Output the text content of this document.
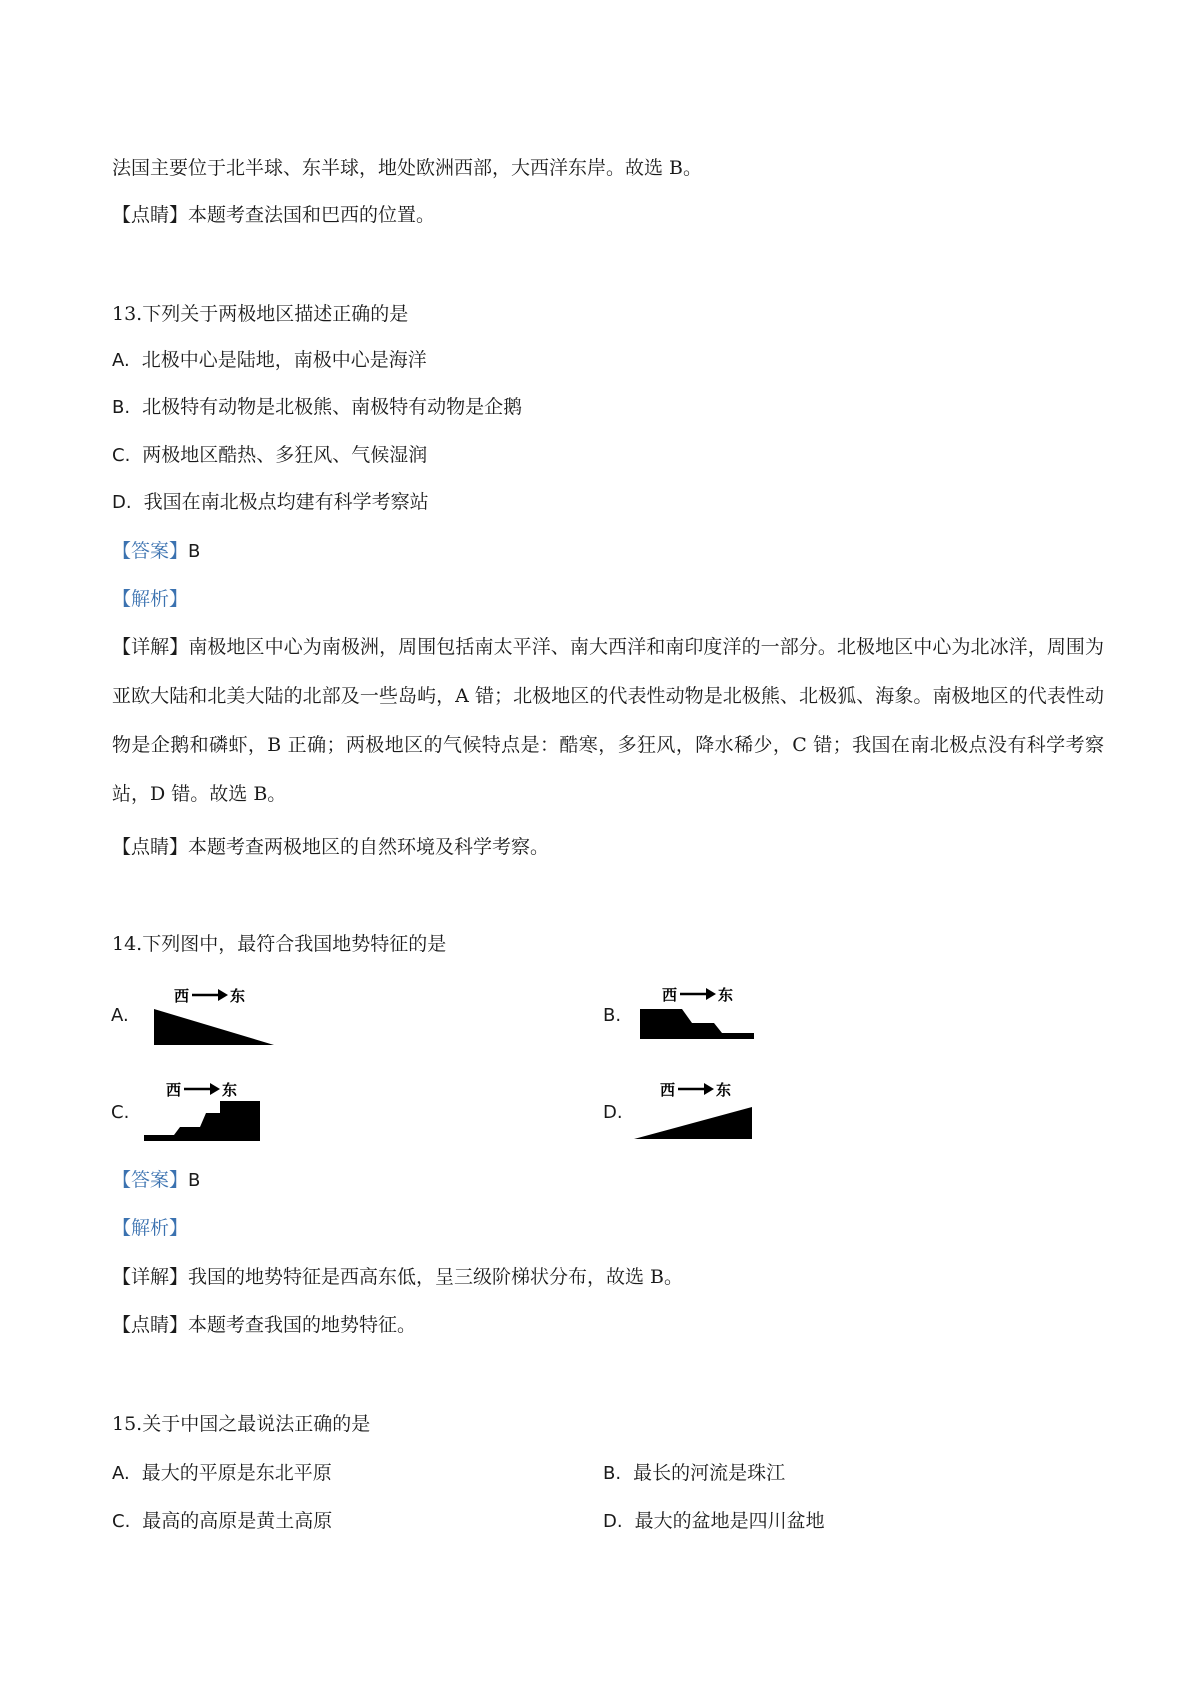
法国主要位于北半球、东半球，地处欧洲西部，大西洋东岸。故选 B。
【点睛】本题考查法国和巴西的位置。
13.下列关于两极地区描述正确的是
A. 北极中心是陆地，南极中心是海洋
B. 北极特有动物是北极熊、南极特有动物是企鹅
C. 两极地区酷热、多狂风、气候湿润
D. 我国在南北极点均建有科学考察站
【答案】B
【解析】
【详解】南极地区中心为南极洲，周围包括南太平洋、南大西洋和南印度洋的一部分。北极地区中心为北冰洋，周围为亚欧大陆和北美大陆的北部及一些岛屿，A 错；北极地区的代表性动物是北极熊、北极狐、海象。南极地区的代表性动物是企鹅和磷虾，B 正确；两极地区的气候特点是：酷寒，多狂风，降水稀少，C 错；我国在南北极点没有科学考察站，D 错。故选 B。
【点睛】本题考查两极地区的自然环境及科学考察。
14.下列图中，最符合我国地势特征的是
A.
西	东
B.
西	东
C.
西	东
D.
西	东
【答案】B
【解析】
【详解】我国的地势特征是西高东低，呈三级阶梯状分布，故选 B。
【点睛】本题考查我国的地势特征。
15.关于中国之最说法正确的是
A. 最大的平原是东北平原	B. 最长的河流是珠江
C. 最高的高原是黄土高原	D. 最大的盆地是四川盆地
